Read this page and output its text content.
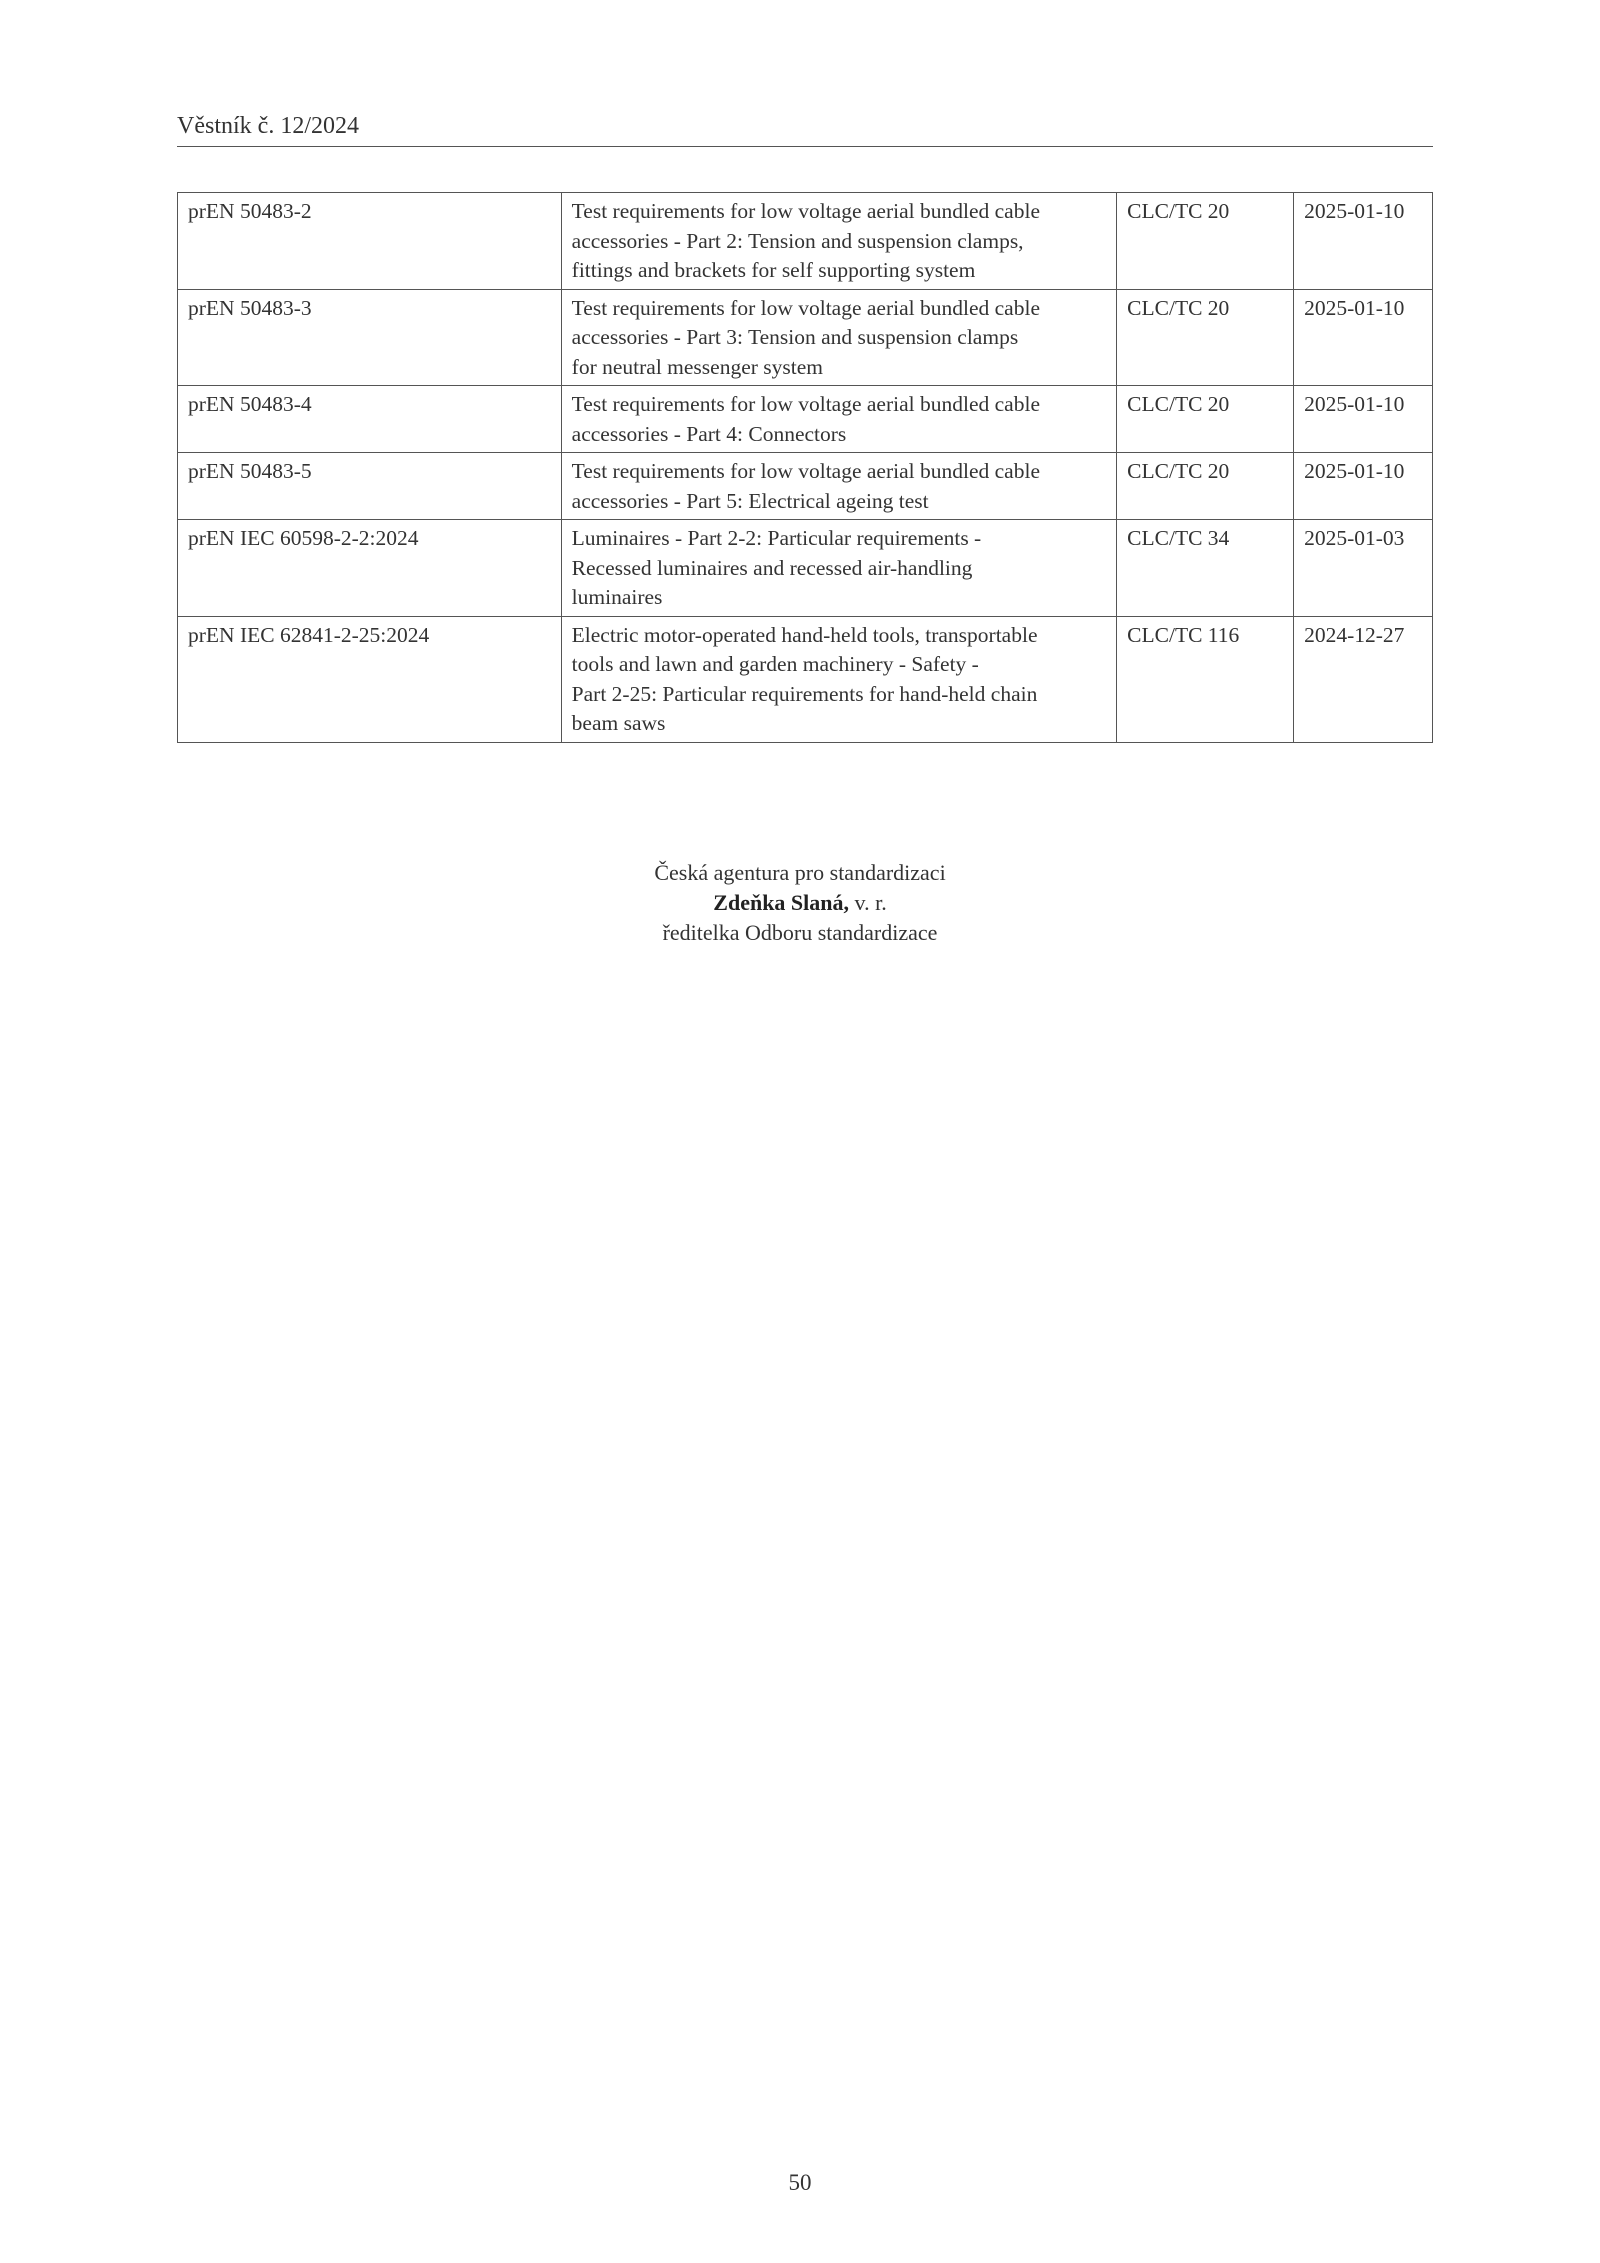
Věstník č. 12/2024
prEN 50483-2	Test requirements for low voltage aerial bundled cable
accessories - Part 2: Tension and suspension clamps,
fittings and brackets for self supporting system	CLC/TC 20	2025-01-10
prEN 50483-3	Test requirements for low voltage aerial bundled cable
accessories - Part 3: Tension and suspension clamps
for neutral messenger system	CLC/TC 20	2025-01-10
prEN 50483-4	Test requirements for low voltage aerial bundled cable
accessories - Part 4: Connectors	CLC/TC 20	2025-01-10
prEN 50483-5	Test requirements for low voltage aerial bundled cable
accessories - Part 5: Electrical ageing test	CLC/TC 20	2025-01-10
prEN IEC 60598-2-2:2024	Luminaires - Part 2-2: Particular requirements -
Recessed luminaires and recessed air-handling
luminaires	CLC/TC 34	2025-01-03
prEN IEC 62841-2-25:2024	Electric motor-operated hand-held tools, transportable
tools and lawn and garden machinery - Safety -
Part 2-25: Particular requirements for hand-held chain
beam saws	CLC/TC 116	2024-12-27
Česká agentura pro standardizaci
Zdeňka Slaná, v. r.
ředitelka Odboru standardizace
50
